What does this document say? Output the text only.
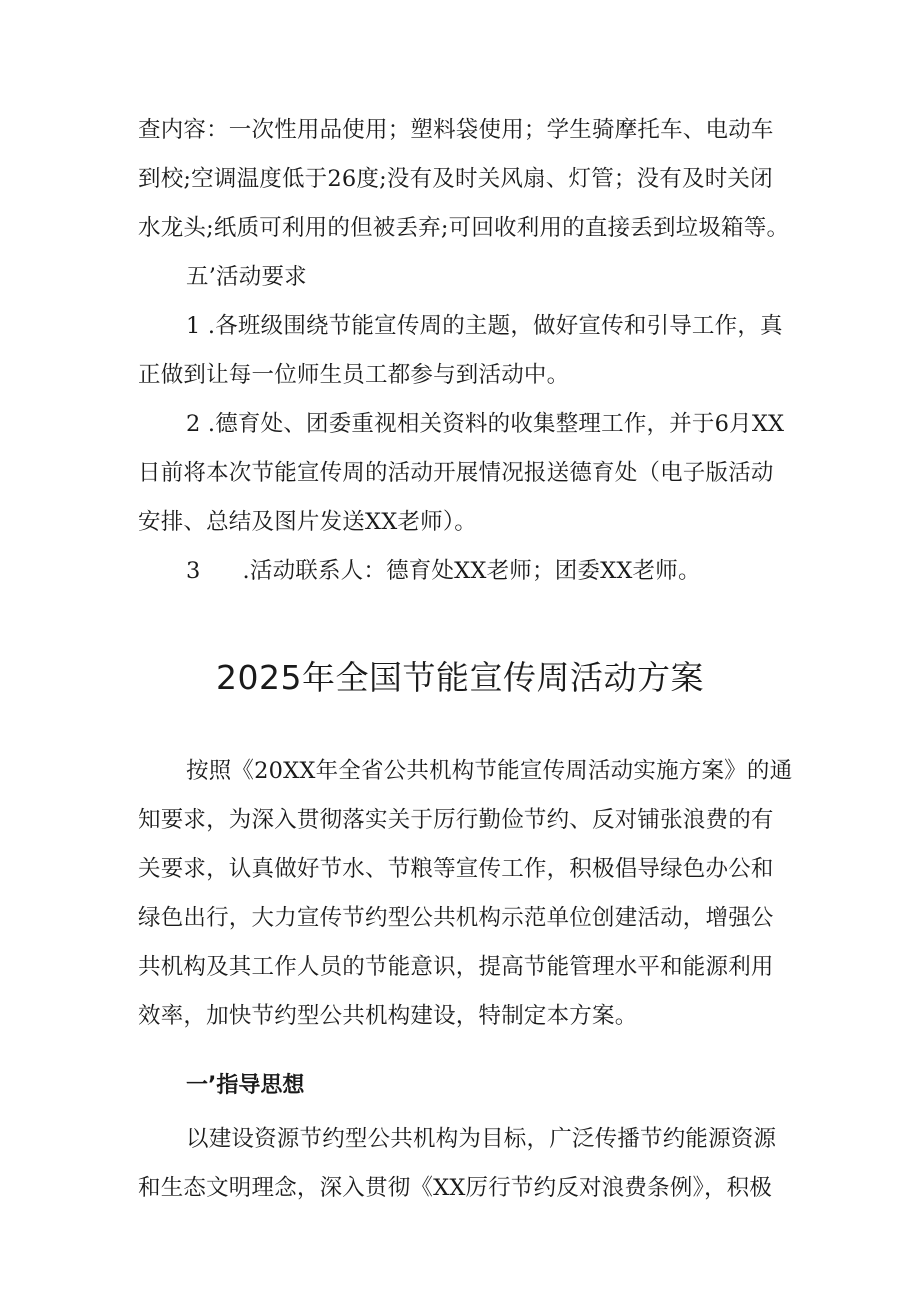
查内容：一次性用品使用；塑料袋使用；学生骑摩托车、电动车
到校;空调温度低于26度;没有及时关风扇、灯管；没有及时关闭
水龙头;纸质可利用的但被丢弃;可回收利用的直接丢到垃圾箱等。
五’活动要求
1 .各班级围绕节能宣传周的主题，做好宣传和引导工作，真
正做到让每一位师生员工都参与到活动中。
2 .德育处、团委重视相关资料的收集整理工作，并于6月XX
日前将本次节能宣传周的活动开展情况报送德育处（电子版活动
安排、总结及图片发送XX老师）。
3 .活动联系人：德育处XX老师；团委XX老师。
2025年全国节能宣传周活动方案
按照《20XX年全省公共机构节能宣传周活动实施方案》的通
知要求，为深入贯彻落实关于厉行勤俭节约、反对铺张浪费的有
关要求，认真做好节水、节粮等宣传工作，积极倡导绿色办公和
绿色出行，大力宣传节约型公共机构示范单位创建活动，增强公
共机构及其工作人员的节能意识，提高节能管理水平和能源利用
效率，加快节约型公共机构建设，特制定本方案。
一’指导思想
以建设资源节约型公共机构为目标，广泛传播节约能源资源
和生态文明理念，深入贯彻《XX厉行节约反对浪费条例》，积极
